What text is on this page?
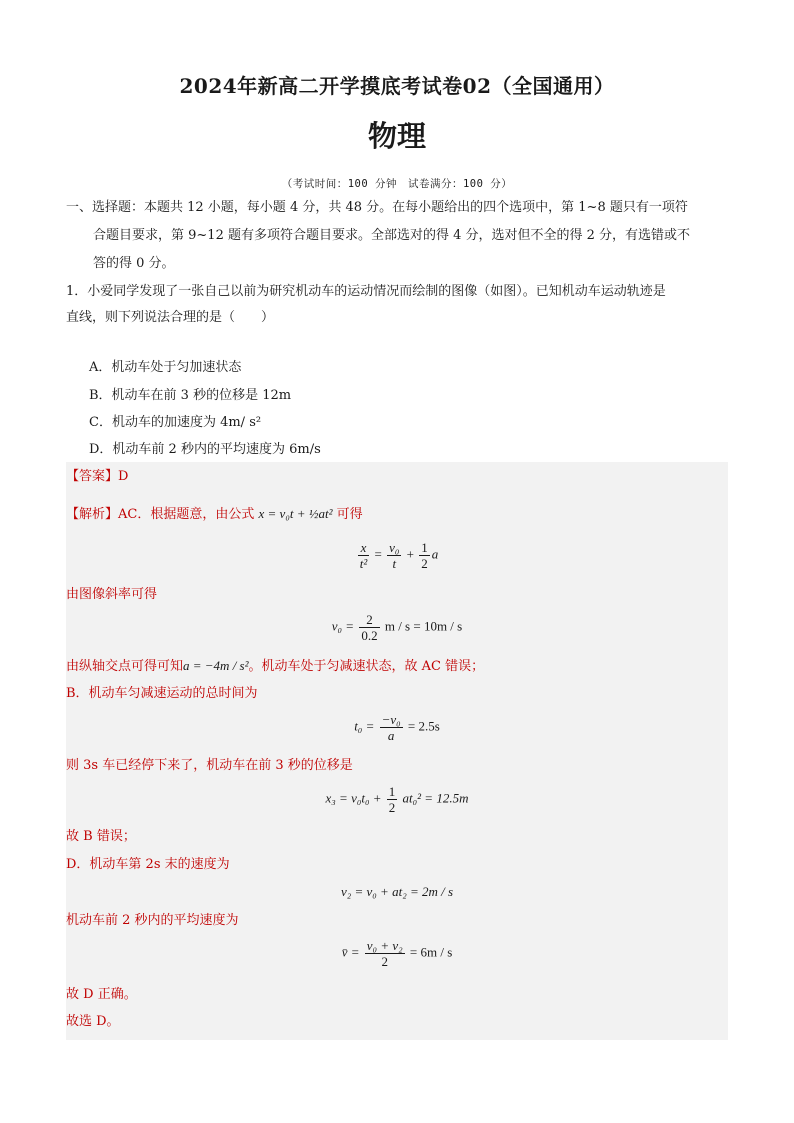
2024年新高二开学摸底考试卷02（全国通用）
物理
（考试时间：100 分钟　试卷满分：100 分）
一、选择题：本题共 12 小题，每小题 4 分，共 48 分。在每小题给出的四个选项中，第 1~8 题只有一项符
合题目要求，第 9~12 题有多项符合题目要求。全部选对的得 4 分，选对但不全的得 2 分，有选错或不
答的得 0 分。
1．小爱同学发现了一张自己以前为研究机动车的运动情况而绘制的图像（如图）。已知机动车运动轨迹是
直线，则下列说法合理的是（　　）
A．机动车处于匀加速状态
B．机动车在前 3 秒的位移是 12m
C．机动车的加速度为 4m/ s²
D．机动车前 2 秒内的平均速度为 6m/s
【答案】D
【解析】AC．根据题意，由公式 x = v₀t + ½at² 可得
$\frac{x}{\text{t²}} = \frac{\text{v₀}}{t} + \frac{1}{2}$ a
由图像斜率可得
$v_0 = \frac{2}{0.2}$ m / s = 10m / s
由纵轴交点可得可知a = −4m / s²。机动车处于匀减速状态，故 AC 错误；
B．机动车匀减速运动的总时间为
$t_0 = \frac{\text{−v₀}}{a} = 2.5s$
则 3s 车已经停下来了，机动车在前 3 秒的位移是
$x_3 = v_0t_0 + \frac{1}{2} at_0^2 = 12.5m$
故 B 错误；
D．机动车第 2s 末的速度为
v₂ = v₀ + at₂ = 2m / s
机动车前 2 秒内的平均速度为
v̄ = $\frac{\text{v₀ + v₂}}{2} = 6m / s$
故 D 正确。
故选 D。
